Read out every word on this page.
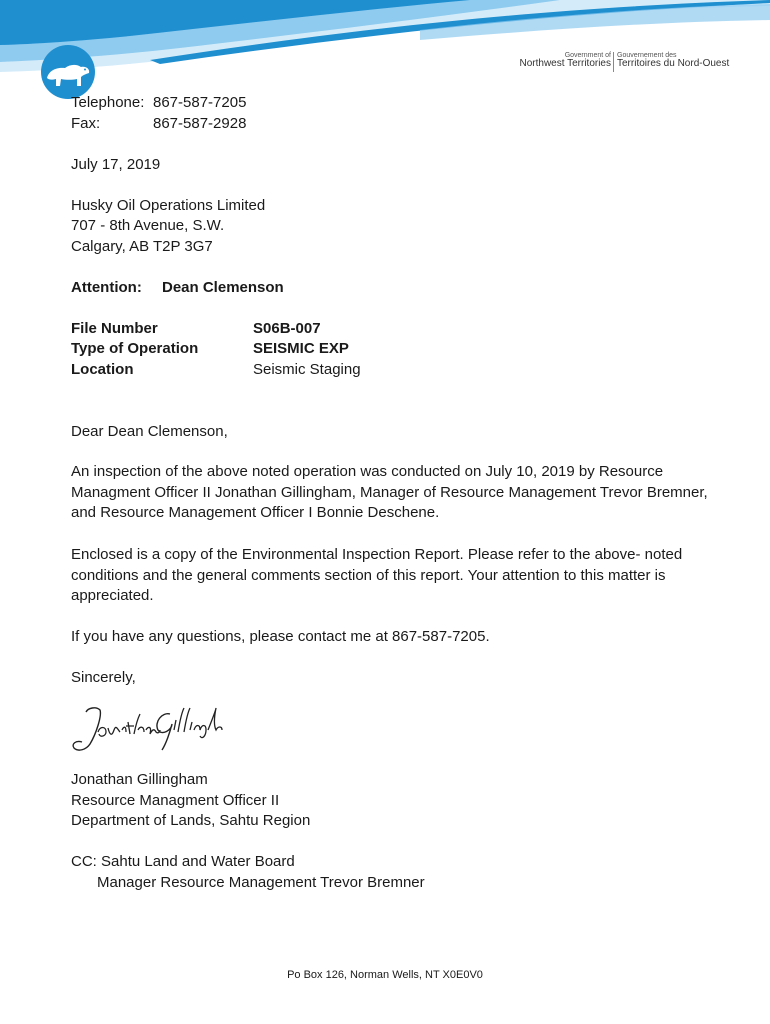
Government of
Northwest Territories
Gouvernement des
Territoires du Nord-Ouest
Telephone: 867-587-7205
Fax:	867-587-2928
July 17, 2019
Husky Oil Operations Limited
707 - 8th Avenue, S.W.
Calgary, AB T2P 3G7
Attention: Dean Clemenson
File Number	S06B-007
Type of Operation	SEISMIC EXP
Location	Seismic Staging
Dear Dean Clemenson,
An inspection of the above noted operation was conducted on July 10, 2019 by Resource Managment Officer II Jonathan Gillingham, Manager of Resource Management Trevor Bremner, and Resource Management Officer I Bonnie Deschene.
Enclosed is a copy of the Environmental Inspection Report. Please refer to the above- noted conditions and the general comments section of this report. Your attention to this matter is appreciated.
If you have any questions, please contact me at 867-587-7205.
Sincerely,
Jonathan Gillingham
Resource Managment Officer II
Department of Lands, Sahtu Region
CC: Sahtu Land and Water Board
Manager Resource Management Trevor Bremner
Po Box 126, Norman Wells, NT X0E0V0
